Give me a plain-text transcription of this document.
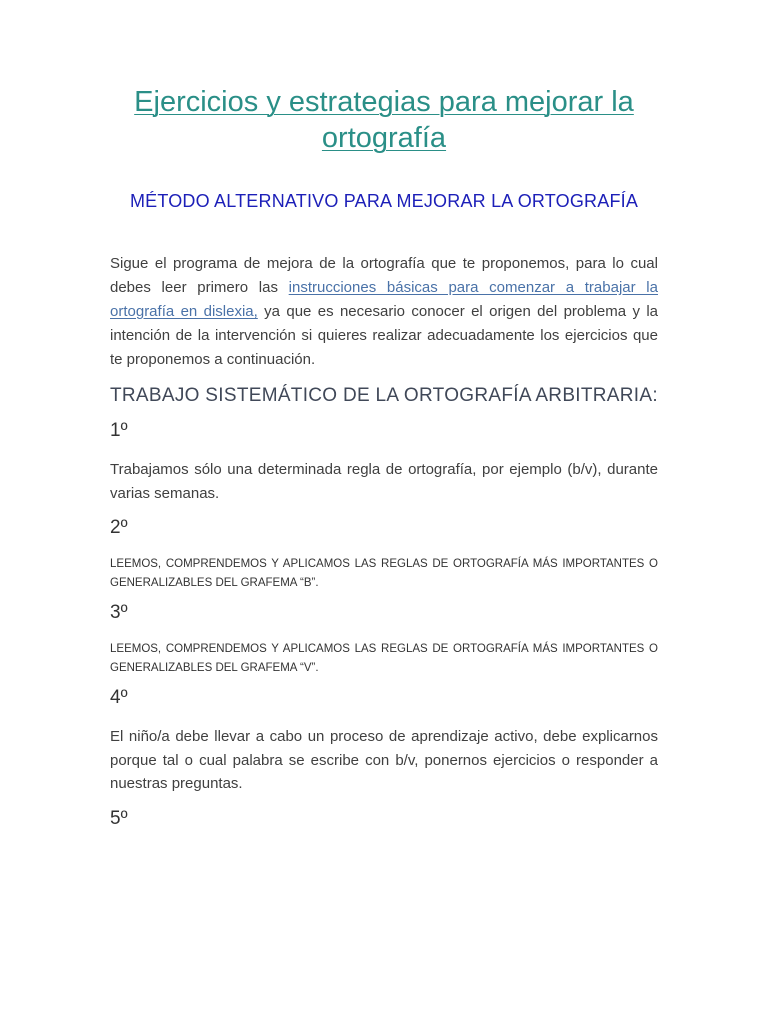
Ejercicios y estrategias para mejorar la ortografía
MÉTODO ALTERNATIVO PARA MEJORAR LA ORTOGRAFÍA

Sigue el programa de mejora de la ortografía que te proponemos, para lo cual debes leer primero las instrucciones básicas para comenzar a trabajar la ortografía en dislexia, ya que es necesario conocer el origen del problema y la intención de la intervención si quieres realizar adecuadamente los ejercicios que te proponemos a continuación.

TRABAJO SISTEMÁTICO DE LA ORTOGRAFÍA ARBITRARIA:
1º

Trabajamos sólo una determinada regla de ortografía, por ejemplo (b/v), durante varias semanas.

2º

LEEMOS, COMPRENDEMOS Y APLICAMOS LAS REGLAS DE ORTOGRAFÍA MÁS IMPORTANTES O GENERALIZABLES DEL GRAFEMA “B”.

3º

LEEMOS, COMPRENDEMOS Y APLICAMOS LAS REGLAS DE ORTOGRAFÍA MÁS IMPORTANTES O GENERALIZABLES DEL GRAFEMA “V”.

4º

El niño/a debe llevar a cabo un proceso de aprendizaje activo, debe explicarnos porque tal o cual palabra se escribe con b/v, ponernos ejercicios o responder a nuestras preguntas.

5º
